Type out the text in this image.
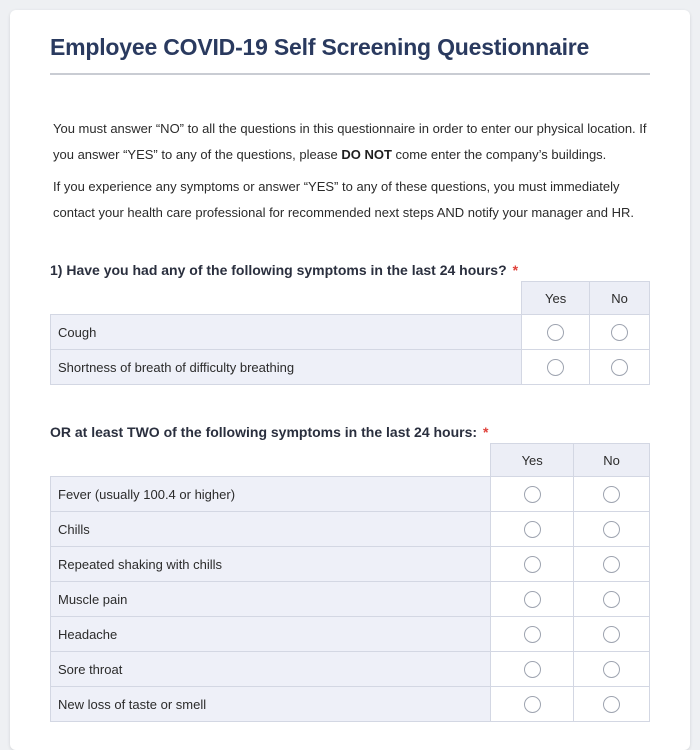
Employee COVID-19 Self Screening Questionnaire

You must answer “NO” to all the questions in this questionnaire in order to enter our physical location. If you answer “YES” to any of the questions, please DO NOT come enter the company’s buildings.

If you experience any symptoms or answer “YES” to any of these questions, you must immediately contact your health care professional for recommended next steps AND notify your manager and HR.

1) Have you had any of the following symptoms in the last 24 hours? *
	Yes	No
Cough		
Shortness of breath of difficulty breathing		
OR at least TWO of the following symptoms in the last 24 hours: *
	Yes	No
Fever (usually 100.4 or higher)		
Chills		
Repeated shaking with chills		
Muscle pain		
Headache		
Sore throat		
New loss of taste or smell		
